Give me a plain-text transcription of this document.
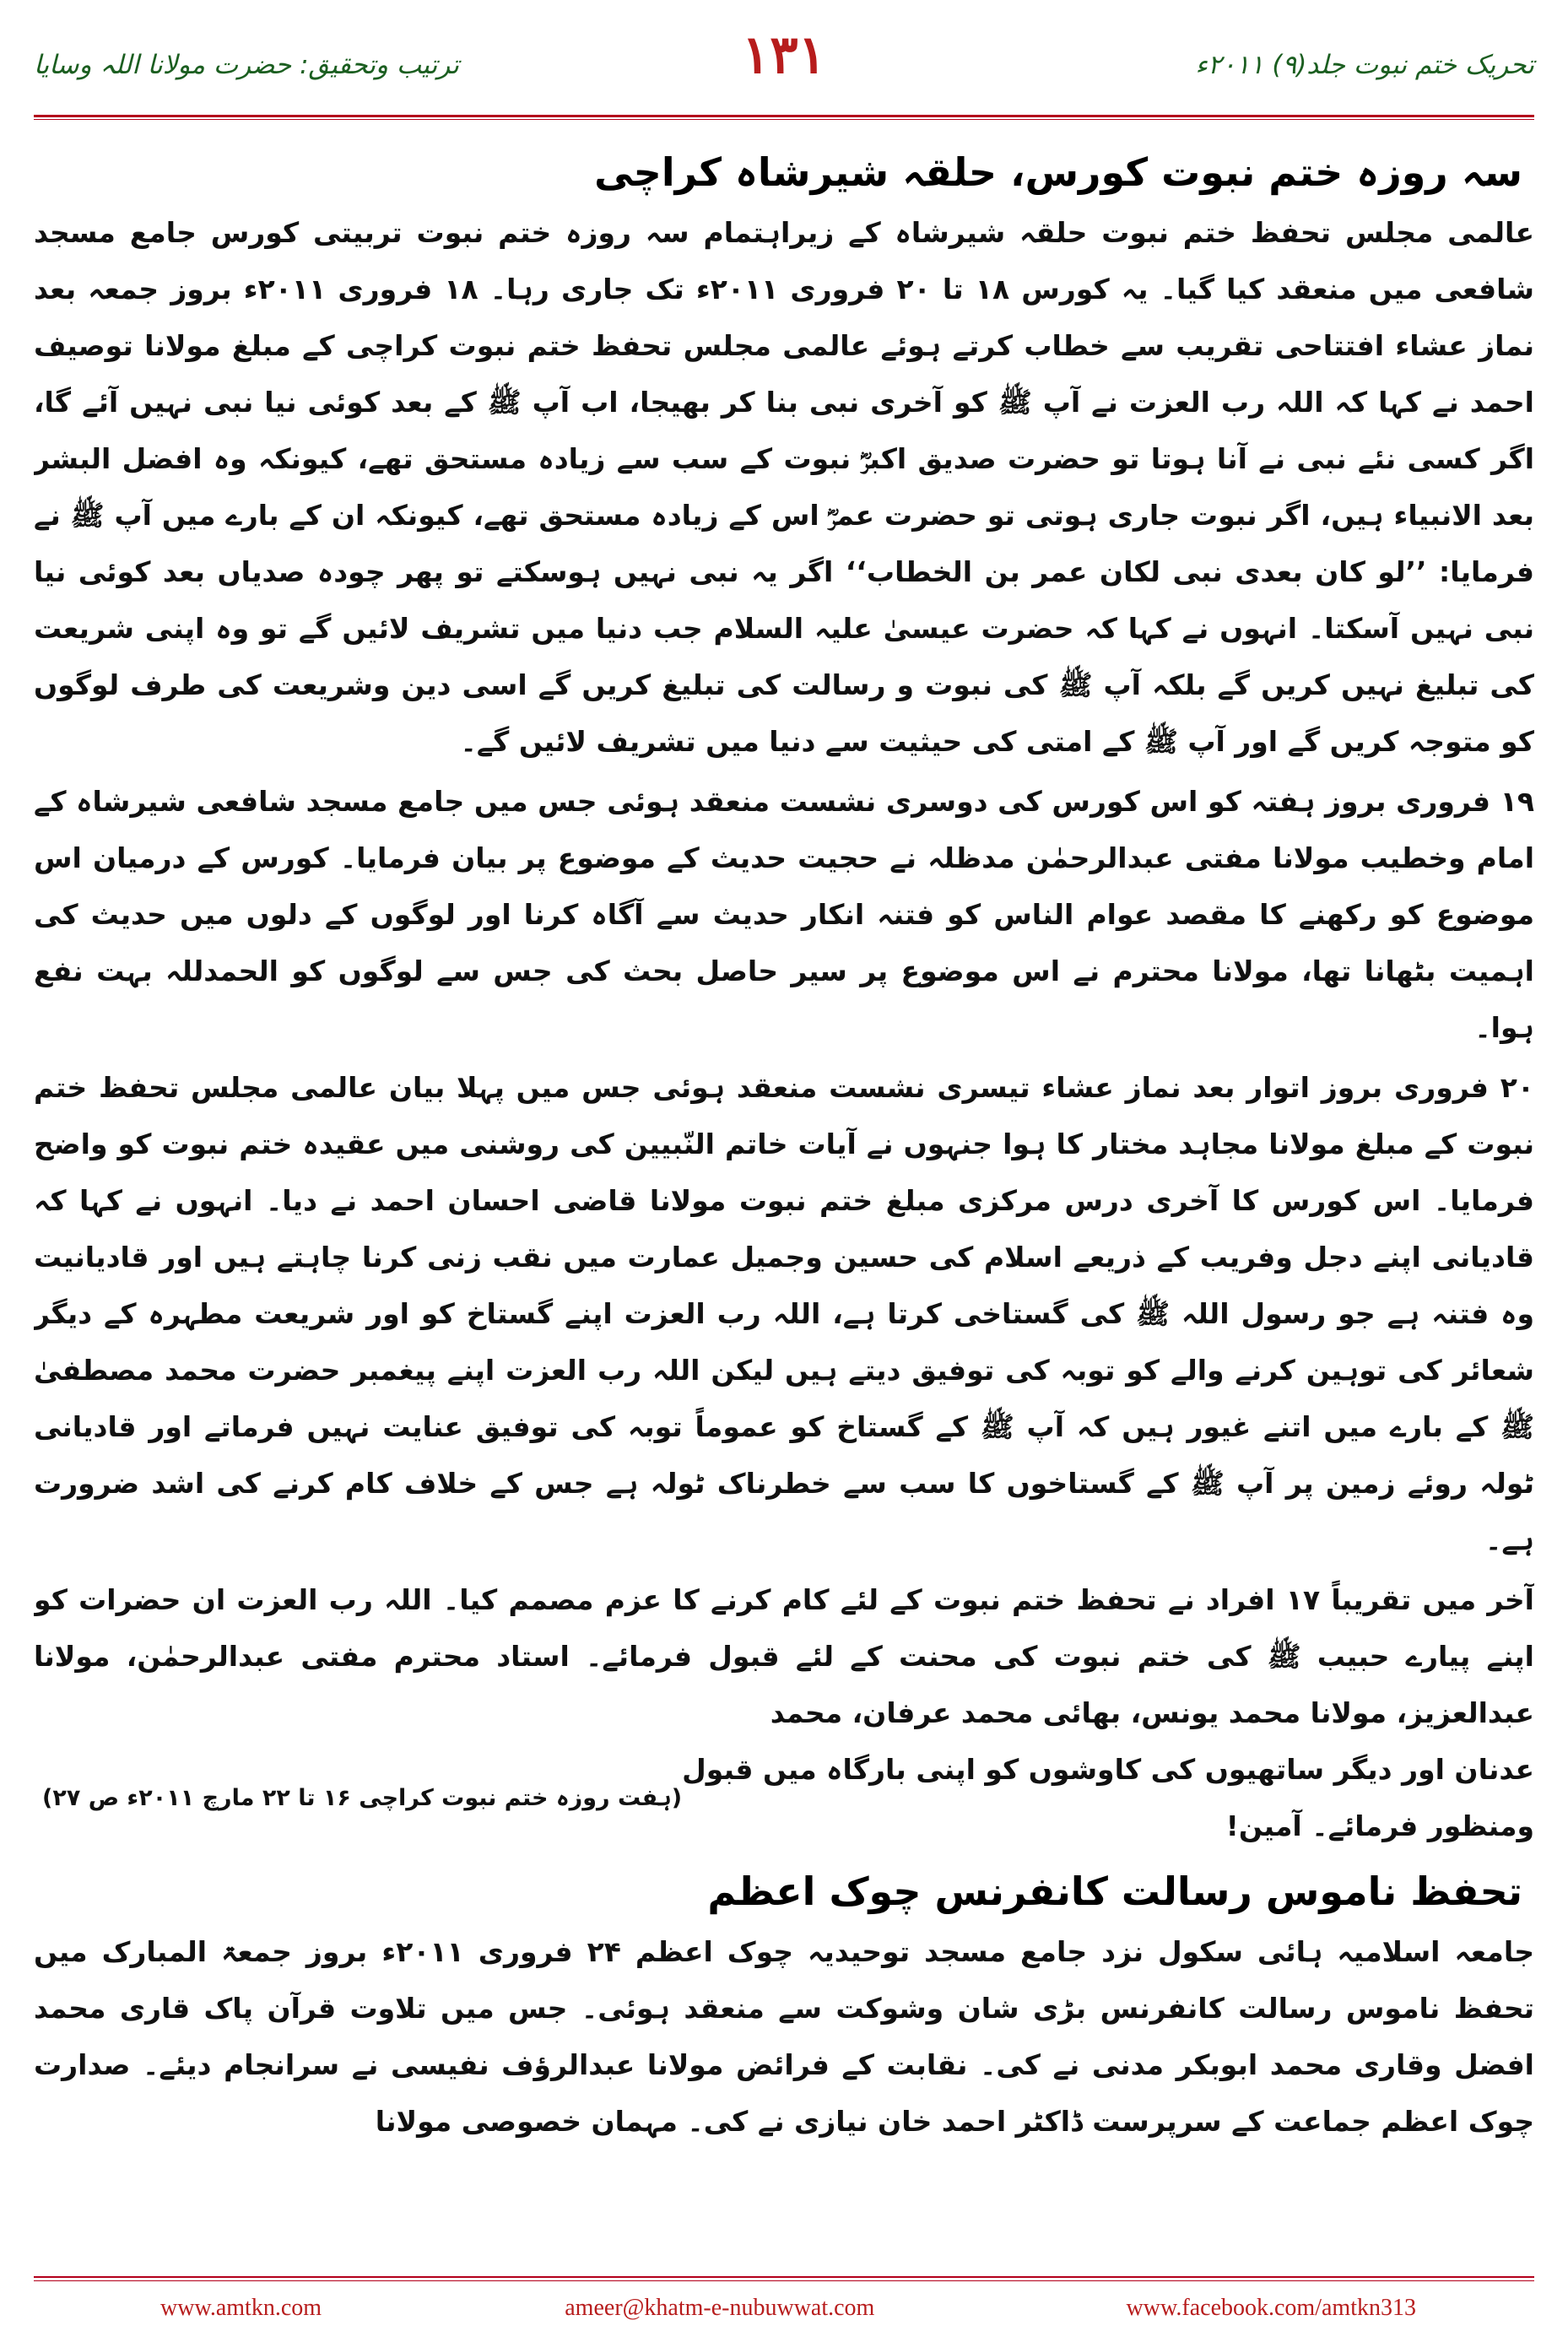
تحریک ختم نبوت جلد(۹) ۲۰۱۱ء
۱۳۱
ترتیب وتحقیق: حضرت مولانا اللہ وسایا
سہ روزہ ختم نبوت کورس، حلقہ شیرشاہ کراچی

عالمی مجلس تحفظ ختم نبوت حلقہ شیرشاہ کے زیراہتمام سہ روزہ ختم نبوت تربیتی کورس جامع مسجد شافعی میں منعقد کیا گیا۔ یہ کورس ۱۸ تا ۲۰ فروری ۲۰۱۱ء تک جاری رہا۔ ۱۸ فروری ۲۰۱۱ء بروز جمعہ بعد نماز عشاء افتتاحی تقریب سے خطاب کرتے ہوئے عالمی مجلس تحفظ ختم نبوت کراچی کے مبلغ مولانا توصیف احمد نے کہا کہ اللہ رب العزت نے آپ ﷺ کو آخری نبی بنا کر بھیجا، اب آپ ﷺ کے بعد کوئی نیا نبی نہیں آئے گا، اگر کسی نئے نبی نے آنا ہوتا تو حضرت صدیق اکبرؓ نبوت کے سب سے زیادہ مستحق تھے، کیونکہ وہ افضل البشر بعد الانبیاء ہیں، اگر نبوت جاری ہوتی تو حضرت عمرؓ اس کے زیادہ مستحق تھے، کیونکہ ان کے بارے میں آپ ﷺ نے فرمایا: ’’لو کان بعدی نبی لکان عمر بن الخطاب‘‘ اگر یہ نبی نہیں ہوسکتے تو پھر چودہ صدیاں بعد کوئی نیا نبی نہیں آسکتا۔ انہوں نے کہا کہ حضرت عیسیٰ علیہ السلام جب دنیا میں تشریف لائیں گے تو وہ اپنی شریعت کی تبلیغ نہیں کریں گے بلکہ آپ ﷺ کی نبوت و رسالت کی تبلیغ کریں گے اسی دین وشریعت کی طرف لوگوں کو متوجہ کریں گے اور آپ ﷺ کے امتی کی حیثیت سے دنیا میں تشریف لائیں گے۔

۱۹ فروری بروز ہفتہ کو اس کورس کی دوسری نشست منعقد ہوئی جس میں جامع مسجد شافعی شیرشاہ کے امام وخطیب مولانا مفتی عبدالرحمٰن مدظلہ نے حجیت حدیث کے موضوع پر بیان فرمایا۔ کورس کے درمیان اس موضوع کو رکھنے کا مقصد عوام الناس کو فتنہ انکار حدیث سے آگاہ کرنا اور لوگوں کے دلوں میں حدیث کی اہمیت بٹھانا تھا، مولانا محترم نے اس موضوع پر سیر حاصل بحث کی جس سے لوگوں کو الحمدللہ بہت نفع ہوا۔

۲۰ فروری بروز اتوار بعد نماز عشاء تیسری نشست منعقد ہوئی جس میں پہلا بیان عالمی مجلس تحفظ ختم نبوت کے مبلغ مولانا مجاہد مختار کا ہوا جنہوں نے آیات خاتم النّبیین کی روشنی میں عقیدہ ختم نبوت کو واضح فرمایا۔ اس کورس کا آخری درس مرکزی مبلغ ختم نبوت مولانا قاضی احسان احمد نے دیا۔ انہوں نے کہا کہ قادیانی اپنے دجل وفریب کے ذریعے اسلام کی حسین وجمیل عمارت میں نقب زنی کرنا چاہتے ہیں اور قادیانیت وہ فتنہ ہے جو رسول اللہ ﷺ کی گستاخی کرتا ہے، اللہ رب العزت اپنے گستاخ کو اور شریعت مطہرہ کے دیگر شعائر کی توہین کرنے والے کو توبہ کی توفیق دیتے ہیں لیکن اللہ رب العزت اپنے پیغمبر حضرت محمد مصطفیٰ ﷺ کے بارے میں اتنے غیور ہیں کہ آپ ﷺ کے گستاخ کو عموماً توبہ کی توفیق عنایت نہیں فرماتے اور قادیانی ٹولہ روئے زمین پر آپ ﷺ کے گستاخوں کا سب سے خطرناک ٹولہ ہے جس کے خلاف کام کرنے کی اشد ضرورت ہے۔

آخر میں تقریباً ۱۷ افراد نے تحفظ ختم نبوت کے لئے کام کرنے کا عزم مصمم کیا۔ اللہ رب العزت ان حضرات کو اپنے پیارے حبیب ﷺ کی ختم نبوت کی محنت کے لئے قبول فرمائے۔ استاد محترم مفتی عبدالرحمٰن، مولانا عبدالعزیز، مولانا محمد یونس، بھائی محمد عرفان، محمد

عدنان اور دیگر ساتھیوں کی کاوشوں کو اپنی بارگاہ میں قبول ومنظور فرمائے۔ آمین!
(ہفت روزہ ختم نبوت کراچی ۱۶ تا ۲۲ مارچ ۲۰۱۱ء ص ۲۷)
تحفظ ناموس رسالت کانفرنس چوک اعظم

جامعہ اسلامیہ ہائی سکول نزد جامع مسجد توحیدیہ چوک اعظم ۲۴ فروری ۲۰۱۱ء بروز جمعۃ المبارک میں تحفظ ناموس رسالت کانفرنس بڑی شان وشوکت سے منعقد ہوئی۔ جس میں تلاوت قرآن پاک قاری محمد افضل وقاری محمد ابوبکر مدنی نے کی۔ نقابت کے فرائض مولانا عبدالرؤف نفیسی نے سرانجام دیئے۔ صدارت چوک اعظم جماعت کے سرپرست ڈاکٹر احمد خان نیازی نے کی۔ مہمان خصوصی مولانا

www.amtkn.com	ameer@khatm-e-nubuwwat.com	www.facebook.com/amtkn313
